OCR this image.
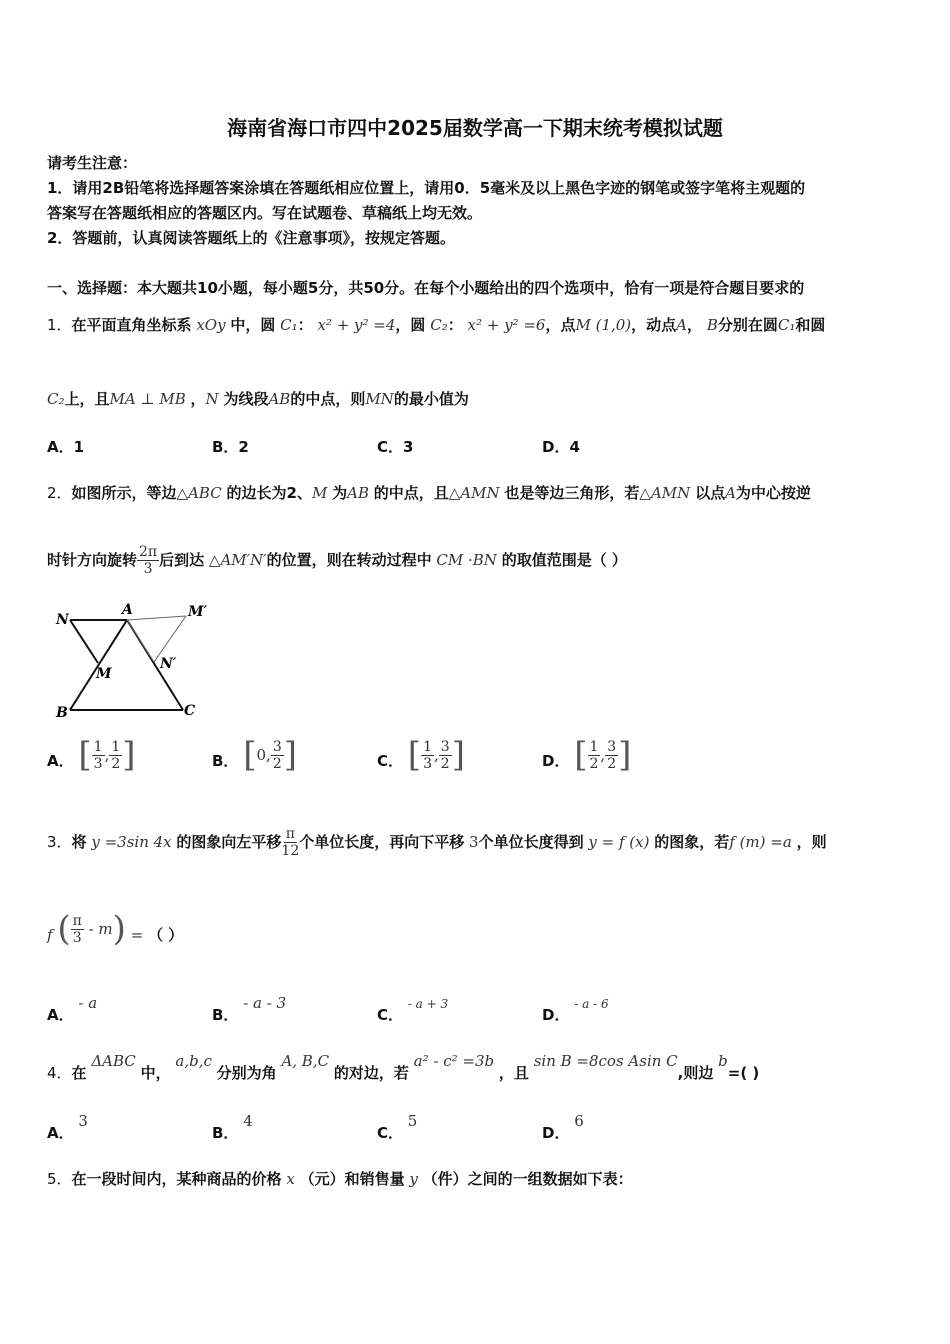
海南省海口市四中2025届数学高一下期末统考模拟试题
请考生注意：
1．请用2B铅笔将选择题答案涂填在答题纸相应位置上，请用0．5毫米及以上黑色字迹的钢笔或签字笔将主观题的
答案写在答题纸相应的答题区内。写在试题卷、草稿纸上均无效。
2．答题前，认真阅读答题纸上的《注意事项》，按规定答题。
一、选择题：本大题共10小题，每小题5分，共50分。在每个小题给出的四个选项中，恰有一项是符合题目要求的
1．在平面直角坐标系 xOy 中，圆 C₁： x² + y² =4，圆 C₂： x² + y² =6，点M (1,0)，动点A， B分别在圆C₁和圆
C₂上，且MA ⊥ MB ，N 为线段AB的中点，则MN的最小值为
A．1	B．2	C．3	D．4
2．如图所示，等边△ABC 的边长为2、M 为AB 的中点，且△AMN 也是等边三角形，若△AMN 以点A为中心按逆
时针方向旋转 $\frac{2\pi}{3}$ 后到达 △AM′N′的位置，则在转动过程中 CM ·BN 的取值范围是（ ）
N
A	M′
M
N′
B	C
A． [ $\frac{1}{3}$ , $\frac{1}{2}$ ]	B． [ 0 , $\frac{3}{2}$ ]	C． [ $\frac{1}{3}$ , $\frac{3}{2}$ ]	D． [ $\frac{1}{2}$ , $\frac{3}{2}$ ]
3．将 y =3sin 4x 的图象向左平移 $\frac{\pi}{12}$ 个单位长度，再向下平移 3个单位长度得到 y = f (x) 的图象，若f (m) =a ，则
f ( $\frac{\pi}{3}$
- m ) = （ ）
A． - a
B． - a - 3
C． - a + 3
D． - a - 6
4．在 ΔABC 中， a,b,c 分别为角 A, B,C 的对边，若 a² - c² =3b ，且 sin B =8cos Asin C,则边 b=( )
A． 3
B． 4
C． 5
D． 6
5．在一段时间内，某种商品的价格 x （元）和销售量 y （件）之间的一组数据如下表：
